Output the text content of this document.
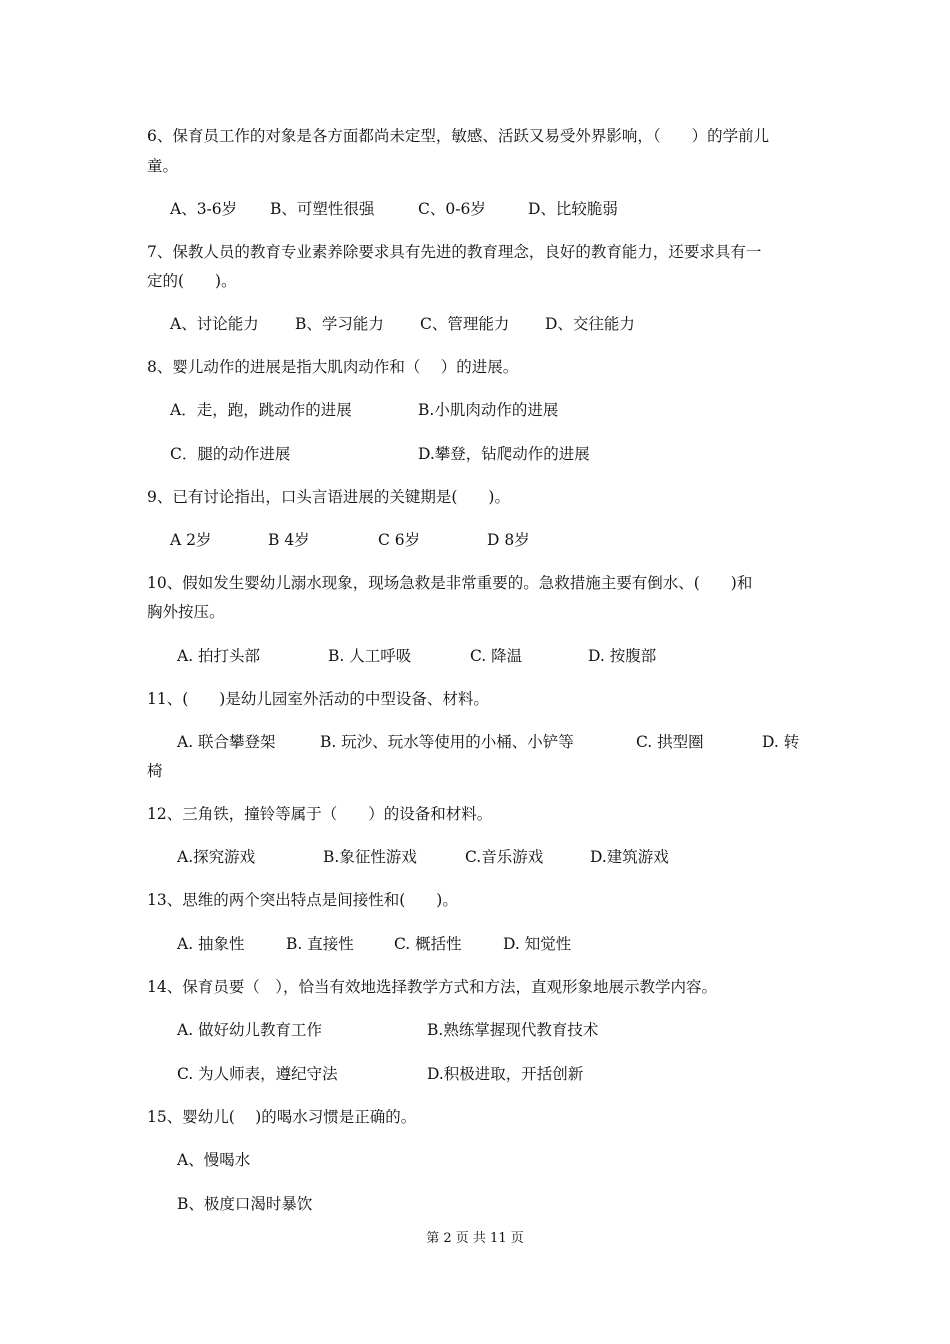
6、保育员工作的对象是各方面都尚未定型，敏感、活跃又易受外界影响，（　　）的学前儿
童。
A、3-6岁 B、可塑性很强	C、0-6岁	D、比较脆弱
7、保教人员的教育专业素养除要求具有先进的教育理念，良好的教育能力，还要求具有一
定的(　　)。
A、讨论能力 B、学习能力 C、管理能力 D、交往能力
8、婴儿动作的进展是指大肌肉动作和（　 ）的进展。
A．走，跑，跳动作的进展	B.小肌肉动作的进展
C．腿的动作进展	D.攀登，钻爬动作的进展
9、已有讨论指出，口头言语进展的关键期是(　　)。
A 2岁	B 4岁	C 6岁	D 8岁
10、假如发生婴幼儿溺水现象，现场急救是非常重要的。急救措施主要有倒水、(　　)和
胸外按压。
A. 拍打头部	B. 人工呼吸	C. 降温	D. 按腹部
11、(　　)是幼儿园室外活动的中型设备、材料。
A. 联合攀登架	B. 玩沙、玩水等使用的小桶、小铲等	C. 拱型圈	D. 转
椅
12、三角铁，撞铃等属于（　　）的设备和材料。
A.探究游戏	B.象征性游戏	C.音乐游戏	D.建筑游戏
13、思维的两个突出特点是间接性和(　　)。
A. 抽象性	B. 直接性	C. 概括性	D. 知觉性
14、保育员要（　），恰当有效地选择教学方式和方法，直观形象地展示教学内容。
A. 做好幼儿教育工作	B.熟练掌握现代教育技术
C. 为人师表，遵纪守法	D.积极进取，开括创新
15、婴幼儿(　 )的喝水习惯是正确的。
A、慢喝水
B、极度口渴时暴饮
第 2 页 共 11 页
